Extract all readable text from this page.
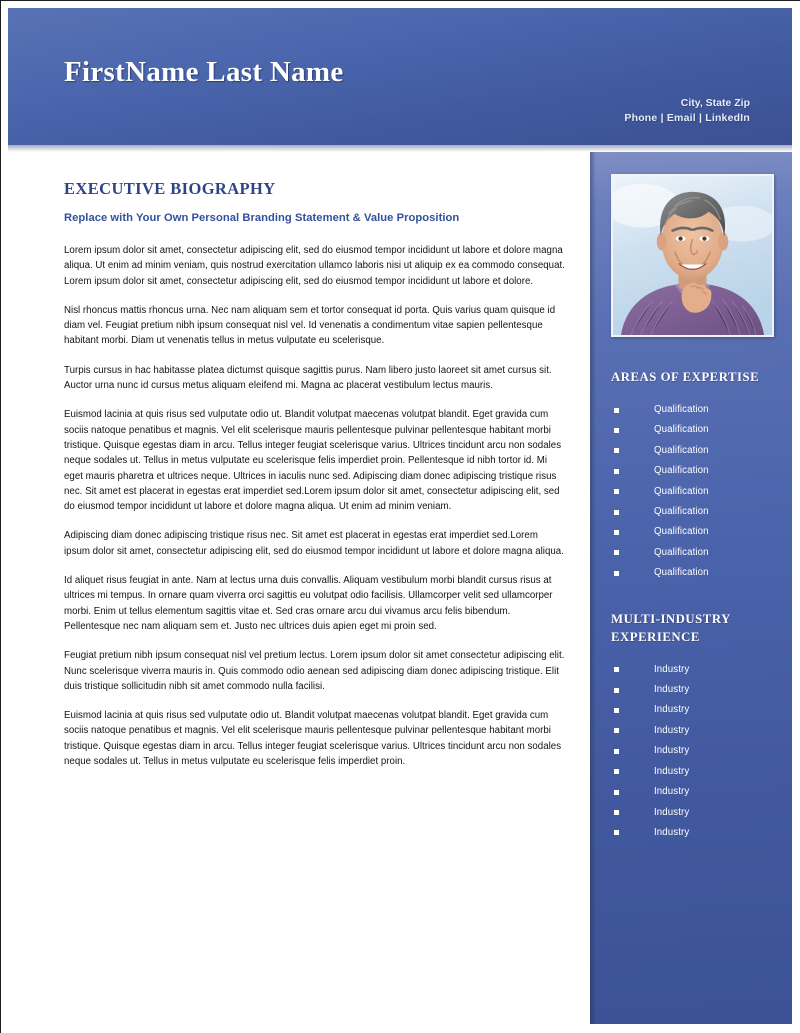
FirstName Last Name
City, State Zip
Phone | Email | LinkedIn
EXECUTIVE BIOGRAPHY
Replace with Your Own Personal Branding Statement & Value Proposition

Lorem ipsum dolor sit amet, consectetur adipiscing elit, sed do eiusmod tempor incididunt ut labore et dolore magna aliqua. Ut enim ad minim veniam, quis nostrud exercitation ullamco laboris nisi ut aliquip ex ea commodo consequat. Lorem ipsum dolor sit amet, consectetur adipiscing elit, sed do eiusmod tempor incididunt ut labore et dolore.

Nisl rhoncus mattis rhoncus urna. Nec nam aliquam sem et tortor consequat id porta. Quis varius quam quisque id diam vel. Feugiat pretium nibh ipsum consequat nisl vel. Id venenatis a condimentum vitae sapien pellentesque habitant morbi. Diam ut venenatis tellus in metus vulputate eu scelerisque.

Turpis cursus in hac habitasse platea dictumst quisque sagittis purus. Nam libero justo laoreet sit amet cursus sit. Auctor urna nunc id cursus metus aliquam eleifend mi. Magna ac placerat vestibulum lectus mauris.

Euismod lacinia at quis risus sed vulputate odio ut. Blandit volutpat maecenas volutpat blandit. Eget gravida cum sociis natoque penatibus et magnis. Vel elit scelerisque mauris pellentesque pulvinar pellentesque habitant morbi tristique. Quisque egestas diam in arcu. Tellus integer feugiat scelerisque varius. Ultrices tincidunt arcu non sodales neque sodales ut. Tellus in metus vulputate eu scelerisque felis imperdiet proin. Pellentesque id nibh tortor id. Mi eget mauris pharetra et ultrices neque. Ultrices in iaculis nunc sed. Adipiscing diam donec adipiscing tristique risus nec. Sit amet est placerat in egestas erat imperdiet sed.Lorem ipsum dolor sit amet, consectetur adipiscing elit, sed do eiusmod tempor incididunt ut labore et dolore magna aliqua. Ut enim ad minim veniam.

Adipiscing diam donec adipiscing tristique risus nec. Sit amet est placerat in egestas erat imperdiet sed.Lorem ipsum dolor sit amet, consectetur adipiscing elit, sed do eiusmod tempor incididunt ut labore et dolore magna aliqua.

Id aliquet risus feugiat in ante. Nam at lectus urna duis convallis. Aliquam vestibulum morbi blandit cursus risus at ultrices mi tempus. In ornare quam viverra orci sagittis eu volutpat odio facilisis. Ullamcorper velit sed ullamcorper morbi. Enim ut tellus elementum sagittis vitae et. Sed cras ornare arcu dui vivamus arcu felis bibendum. Pellentesque nec nam aliquam sem et. Justo nec ultrices duis apien eget mi proin sed.

Feugiat pretium nibh ipsum consequat nisl vel pretium lectus. Lorem ipsum dolor sit amet consectetur adipiscing elit. Nunc scelerisque viverra mauris in. Quis commodo odio aenean sed adipiscing diam donec adipiscing tristique. Elit duis tristique sollicitudin nibh sit amet commodo nulla facilisi.

Euismod lacinia at quis risus sed vulputate odio ut. Blandit volutpat maecenas volutpat blandit. Eget gravida cum sociis natoque penatibus et magnis. Vel elit scelerisque mauris pellentesque pulvinar pellentesque habitant morbi tristique. Quisque egestas diam in arcu. Tellus integer feugiat scelerisque varius. Ultrices tincidunt arcu non sodales neque sodales ut. Tellus in metus vulputate eu scelerisque felis imperdiet proin.

AREAS OF EXPERTISE
Qualification
Qualification
Qualification
Qualification
Qualification
Qualification
Qualification
Qualification
Qualification
MULTI-INDUSTRY
EXPERIENCE
Industry
Industry
Industry
Industry
Industry
Industry
Industry
Industry
Industry
